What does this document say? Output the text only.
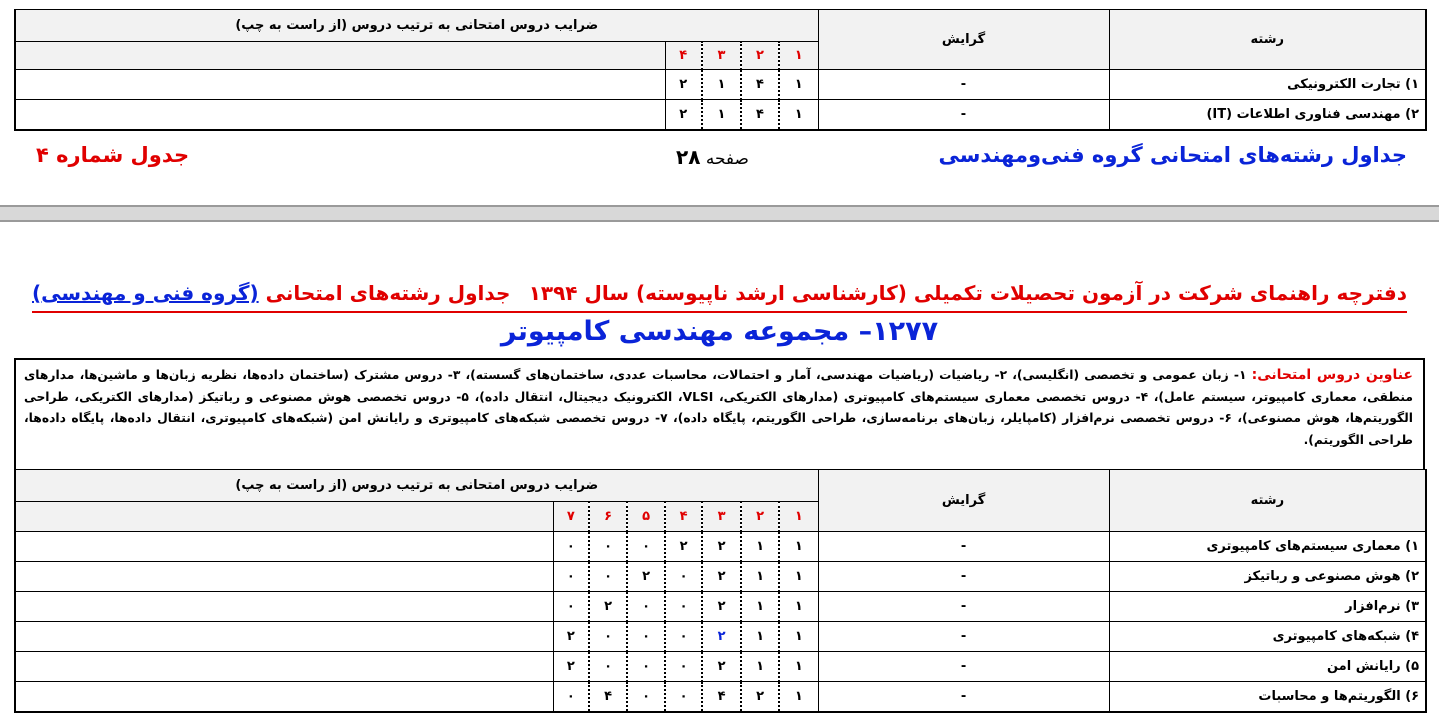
رشته	گرایش	ضرایب دروس امتحانی به ترتیب دروس (از راست به چپ)				
		۱	۲	۳	۴	
۱) تجارت الکترونیکی	-	۱	۴	۱	۲	
۲) مهندسی فناوری اطلاعات (IT)	-	۱	۴	۱	۲	
جداول رشته‌های امتحانی گروه فنی‌ومهندسی
صفحه ۲۸
جدول شماره ۴
دفترچه راهنمای شرکت در آزمون تحصیلات تکمیلی (کارشناسی ارشد ناپیوسته) سال ۱۳۹۴
جداول رشته‌های امتحانی (گروه فنی و مهندسی)
۱۲۷۷– مجموعه مهندسی کامپیوتر
عناوین دروس امتحانی: ۱- زبان عمومی و تخصصی (انگلیسی)، ۲- ریاضیات (ریاضیات مهندسی، آمار و احتمالات، محاسبات عددی، ساختمان‌های گسسته)، ۳- دروس مشترک (ساختمان داده‌ها، نظریه زبان‌ها و ماشین‌ها، مدارهای منطقی، معماری کامپیوتر، سیستم عامل)، ۴- دروس تخصصی معماری سیستم‌های کامپیوتری (مدارهای الکتریکی، VLSI، الکترونیک دیجیتال، انتقال داده)، ۵- دروس تخصصی هوش مصنوعی و رباتیکز (مدارهای الکتریکی، طراحی الگوریتم‌ها، هوش مصنوعی)، ۶- دروس تخصصی نرم‌افزار (کامپایلر، زبان‌های برنامه‌سازی، طراحی الگوریتم، پایگاه داده)، ۷- دروس تخصصی شبکه‌های کامپیوتری و رایانش امن (شبکه‌های کامپیوتری، انتقال داده‌ها، پایگاه داده‌ها، طراحی الگوریتم).
رشته	گرایش	ضرایب دروس امتحانی به ترتیب دروس (از راست به چپ)							
		۱	۲	۳	۴	۵	۶	۷	
۱) معماری سیستم‌های کامپیوتری	-	۱	۱	۲	۲	۰	۰	۰	
۲) هوش مصنوعی و رباتیکز	-	۱	۱	۲	۰	۲	۰	۰	
۳) نرم‌افزار	-	۱	۱	۲	۰	۰	۲	۰	
۴) شبکه‌های کامپیوتری	-	۱	۱	۲	۰	۰	۰	۲	
۵) رایانش امن	-	۱	۱	۲	۰	۰	۰	۲	
۶) الگوریتم‌ها و محاسبات	-	۱	۲	۴	۰	۰	۴	۰	
